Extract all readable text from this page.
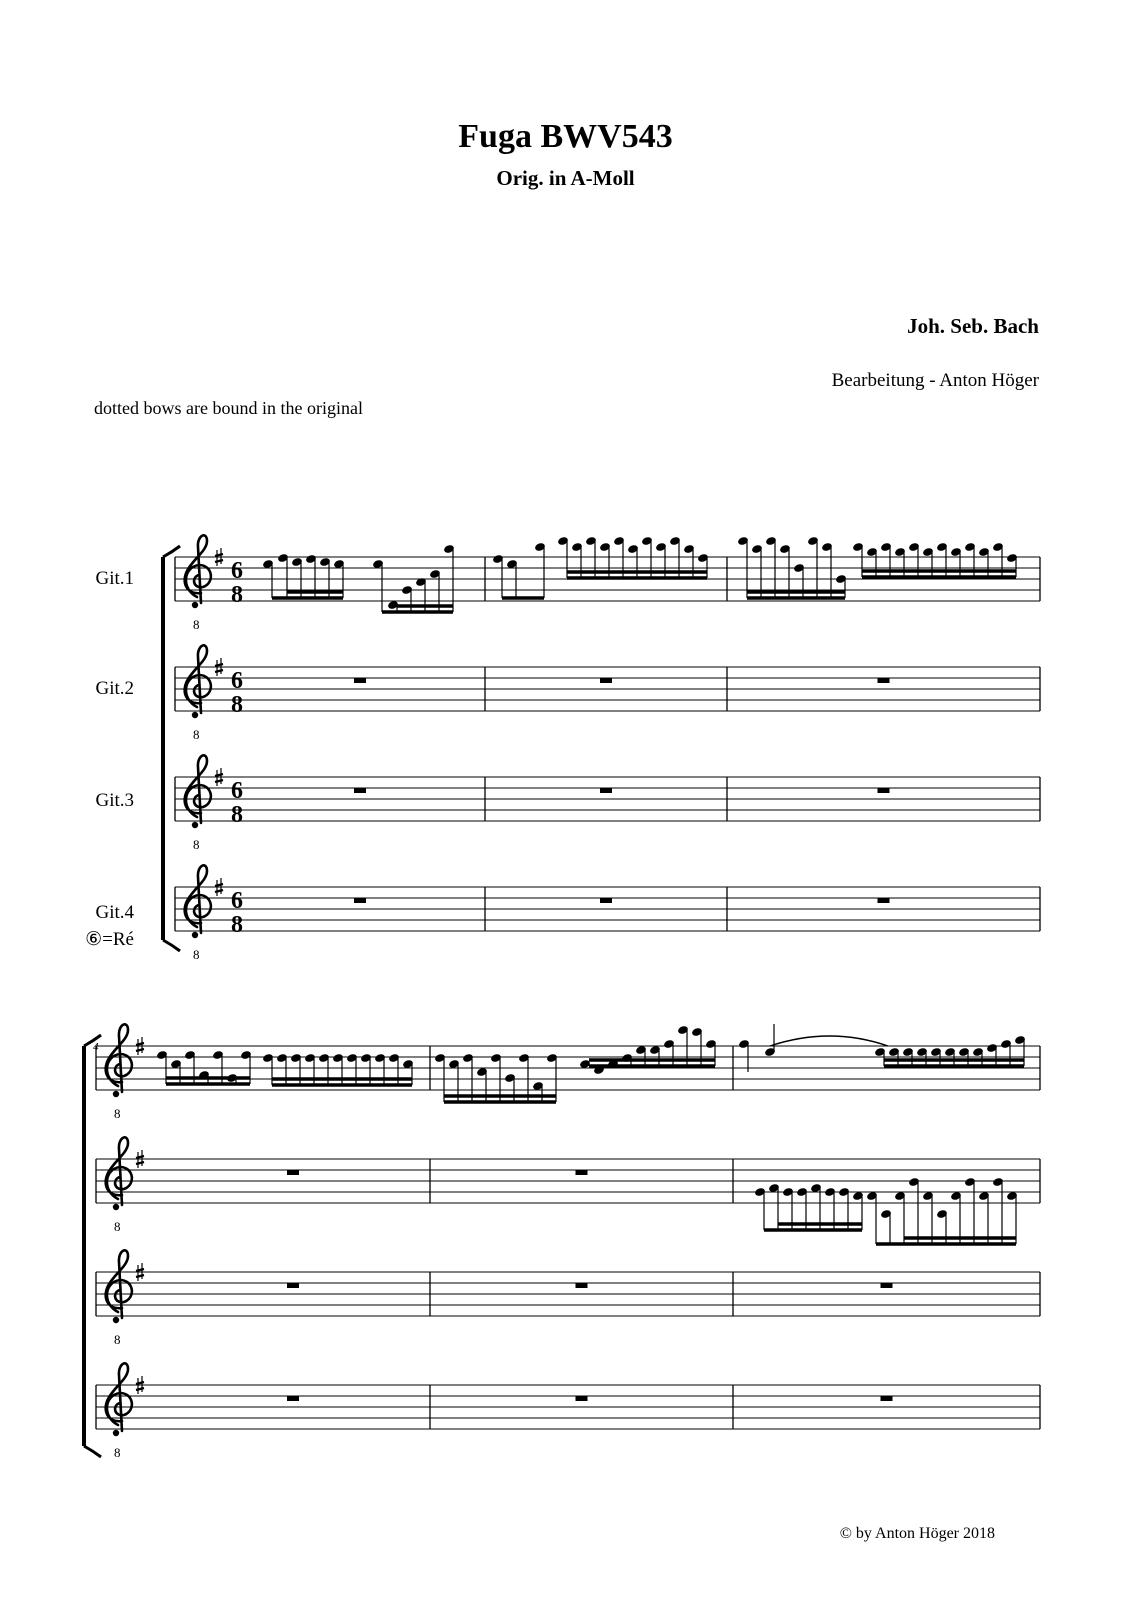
Fuga BWV543
Orig. in A-Moll
Joh. Seb. Bach
Bearbeitung - Anton Höger
dotted bows are bound in the original
Git.1
Git.2
Git.3
Git.4
⑥=Ré
8
6
8
8
6
8
8
6
8
8
6
8
8
8
8
8
4
© by Anton Höger 2018
